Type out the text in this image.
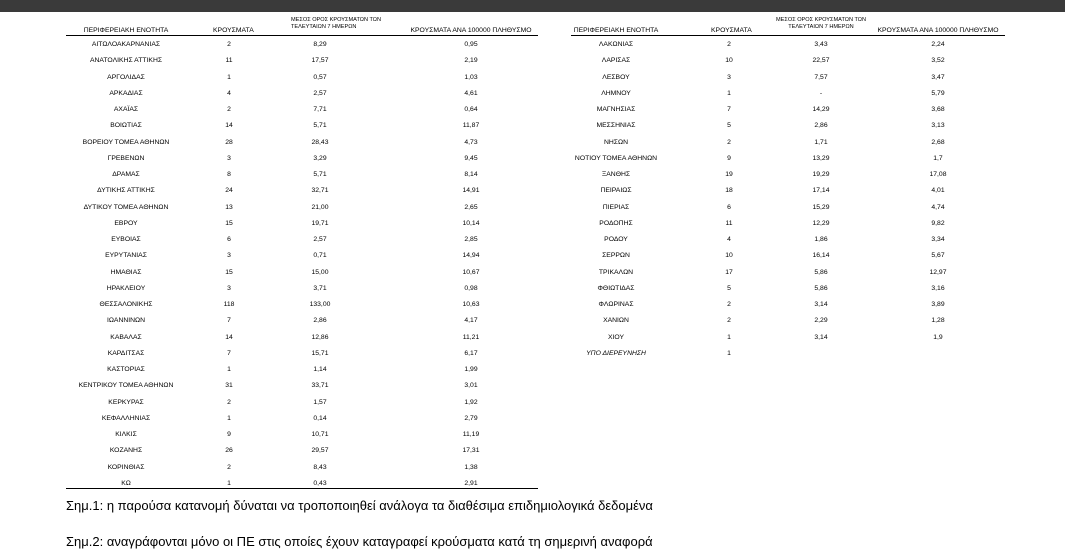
ΠΕΡΙΦΕΡΕΙΑΚΗ ΕΝΟΤΗΤΑ	ΚΡΟΥΣΜΑΤΑ
ΜΕΣΟΣ ΟΡΟΣ ΚΡΟΥΣΜΑΤΩΝ ΤΩΝ
ΤΕΛΕΥΤΑΙΩΝ 7 ΗΜΕΡΩΝ
ΚΡΟΥΣΜΑΤΑ ΑΝΑ 100000 ΠΛΗΘΥΣΜΟ
ΑΙΤΩΛΟΑΚΑΡΝΑΝΙΑΣ	2	8,29	0,95
ΑΝΑΤΟΛΙΚΗΣ ΑΤΤΙΚΗΣ	11	17,57	2,19
ΑΡΓΟΛΙΔΑΣ	1	0,57	1,03
ΑΡΚΑΔΙΑΣ	4	2,57	4,61
ΑΧΑΪΑΣ	2	7,71	0,64
ΒΟΙΩΤΙΑΣ	14	5,71	11,87
ΒΟΡΕΙΟΥ ΤΟΜΕΑ ΑΘΗΝΩΝ	28	28,43	4,73
ΓΡΕΒΕΝΩΝ	3	3,29	9,45
ΔΡΑΜΑΣ	8	5,71	8,14
ΔΥΤΙΚΗΣ ΑΤΤΙΚΗΣ	24	32,71	14,91
ΔΥΤΙΚΟΥ ΤΟΜΕΑ ΑΘΗΝΩΝ	13	21,00	2,65
ΕΒΡΟΥ	15	19,71	10,14
ΕΥΒΟΙΑΣ	6	2,57	2,85
ΕΥΡΥΤΑΝΙΑΣ	3	0,71	14,94
ΗΜΑΘΙΑΣ	15	15,00	10,67
ΗΡΑΚΛΕΙΟΥ	3	3,71	0,98
ΘΕΣΣΑΛΟΝΙΚΗΣ	118	133,00	10,63
ΙΩΑΝΝΙΝΩΝ	7	2,86	4,17
ΚΑΒΑΛΑΣ	14	12,86	11,21
ΚΑΡΔΙΤΣΑΣ	7	15,71	6,17
ΚΑΣΤΟΡΙΑΣ	1	1,14	1,99
ΚΕΝΤΡΙΚΟΥ ΤΟΜΕΑ ΑΘΗΝΩΝ	31	33,71	3,01
ΚΕΡΚΥΡΑΣ	2	1,57	1,92
ΚΕΦΑΛΛΗΝΙΑΣ	1	0,14	2,79
ΚΙΛΚΙΣ	9	10,71	11,19
ΚΟΖΑΝΗΣ	26	29,57	17,31
ΚΟΡΙΝΘΙΑΣ	2	8,43	1,38
ΚΩ	1	0,43	2,91
ΠΕΡΙΦΕΡΕΙΑΚΗ ΕΝΟΤΗΤΑ	ΚΡΟΥΣΜΑΤΑ
ΜΕΣΟΣ ΟΡΟΣ ΚΡΟΥΣΜΑΤΩΝ ΤΩΝ
ΤΕΛΕΥΤΑΙΩΝ 7 ΗΜΕΡΩΝ
ΚΡΟΥΣΜΑΤΑ ΑΝΑ 100000 ΠΛΗΘΥΣΜΟ
ΛΑΚΩΝΙΑΣ	2	3,43	2,24
ΛΑΡΙΣΑΣ	10	22,57	3,52
ΛΕΣΒΟΥ	3	7,57	3,47
ΛΗΜΝΟΥ	1	-	5,79
ΜΑΓΝΗΣΙΑΣ	7	14,29	3,68
ΜΕΣΣΗΝΙΑΣ	5	2,86	3,13
ΝΗΣΩΝ	2	1,71	2,68
ΝΟΤΙΟΥ ΤΟΜΕΑ ΑΘΗΝΩΝ	9	13,29	1,7
ΞΑΝΘΗΣ	19	19,29	17,08
ΠΕΙΡΑΙΩΣ	18	17,14	4,01
ΠΙΕΡΙΑΣ	6	15,29	4,74
ΡΟΔΟΠΗΣ	11	12,29	9,82
ΡΟΔΟΥ	4	1,86	3,34
ΣΕΡΡΩΝ	10	16,14	5,67
ΤΡΙΚΑΛΩΝ	17	5,86	12,97
ΦΘΙΩΤΙΔΑΣ	5	5,86	3,16
ΦΛΩΡΙΝΑΣ	2	3,14	3,89
ΧΑΝΙΩΝ	2	2,29	1,28
ΧΙΟΥ	1	3,14	1,9
ΥΠΟ ΔΙΕΡΕΥΝΗΣΗ	1
Σημ.1: η παρούσα κατανομή δύναται να τροποποιηθεί ανάλογα τα διαθέσιμα επιδημιολογικά δεδομένα
Σημ.2: αναγράφονται μόνο οι ΠΕ στις οποίες έχουν καταγραφεί κρούσματα κατά τη σημερινή αναφορά
